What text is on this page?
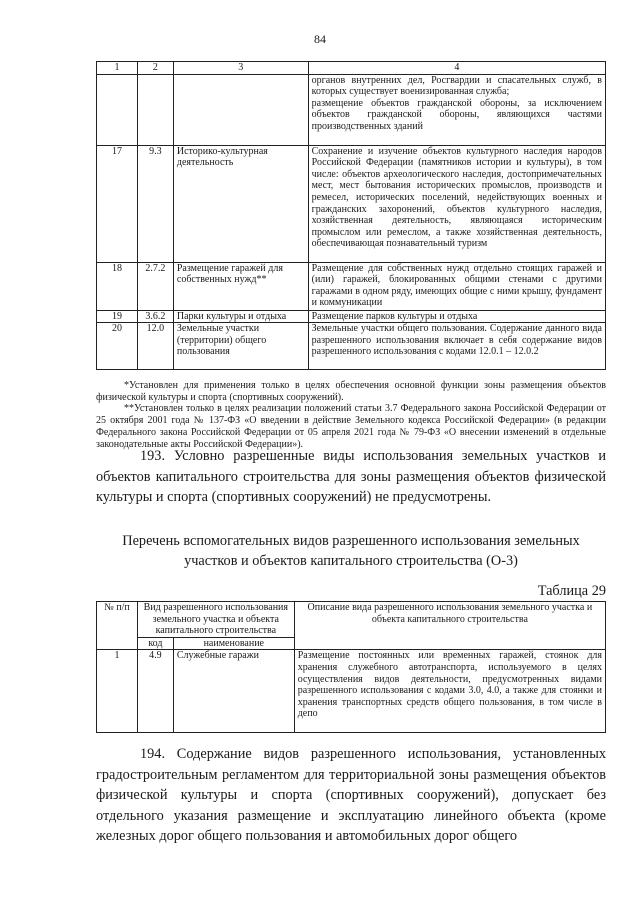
84
1	2	3	4
			органов внутренних дел, Росгвардии и спасательных служб, в которых существует военизированная служба;
размещение объектов гражданской обороны, за исключением объектов гражданской обороны, являющихся частями производственных зданий
17	9.3	Историко-культурная деятельность	Сохранение и изучение объектов культурного наследия народов Российской Федерации (памятников истории и культуры), в том числе: объектов археологического наследия, достопримечательных мест, мест бытования исторических промыслов, производств и ремесел, исторических поселений, недействующих военных и гражданских захоронений, объектов культурного наследия, хозяйственная деятельность, являющаяся историческим промыслом или ремеслом, а также хозяйственная деятельность, обеспечивающая познавательный туризм
18	2.7.2	Размещение гаражей для собственных нужд**	Размещение для собственных нужд отдельно стоящих гаражей и (или) гаражей, блокированных общими стенами с другими гаражами в одном ряду, имеющих общие с ними крышу, фундамент и коммуникации
19	3.6.2	Парки культуры и отдыха	Размещение парков культуры и отдыха
20	12.0	Земельные участки (территории) общего пользования	Земельные участки общего пользования. Содержание данного вида разрешенного использования включает в себя содержание видов разрешенного использования с кодами 12.0.1 – 12.0.2

*Установлен для применения только в целях обеспечения основной функции зоны размещения объектов физической культуры и спорта (спортивных сооружений).

**Установлен только в целях реализации положений статьи 3.7 Федерального закона Российской Федерации от 25 октября 2001 года № 137-ФЗ «О введении в действие Земельного кодекса Российской Федерации» (в редакции Федерального закона Российской Федерации от 05 апреля 2021 года № 79-ФЗ «О внесении изменений в отдельные законодательные акты Российской Федерации»).

193. Условно разрешенные виды использования земельных участков и объектов капитального строительства для зоны размещения объектов физической культуры и спорта (спортивных сооружений) не предусмотрены.

Перечень вспомогательных видов разрешенного использования земельных участков и объектов капитального строительства (О-3)
Таблица 29
№ п/п	Вид разрешенного использования земельного участка и объекта капитального строительства		Описание вида разрешенного использования земельного участка и объекта капитального строительства
	код	наименование	
1	4.9	Служебные гаражи	Размещение постоянных или временных гаражей, стоянок для хранения служебного автотранспорта, используемого в целях осуществления видов деятельности, предусмотренных видами разрешенного использования с кодами 3.0, 4.0, а также для стоянки и хранения транспортных средств общего пользования, в том числе в депо

194. Содержание видов разрешенного использования, установленных градостроительным регламентом для территориальной зоны размещения объектов физической культуры и спорта (спортивных сооружений), допускает без отдельного указания размещение и эксплуатацию линейного объекта (кроме железных дорог общего пользования и автомобильных дорог общего
